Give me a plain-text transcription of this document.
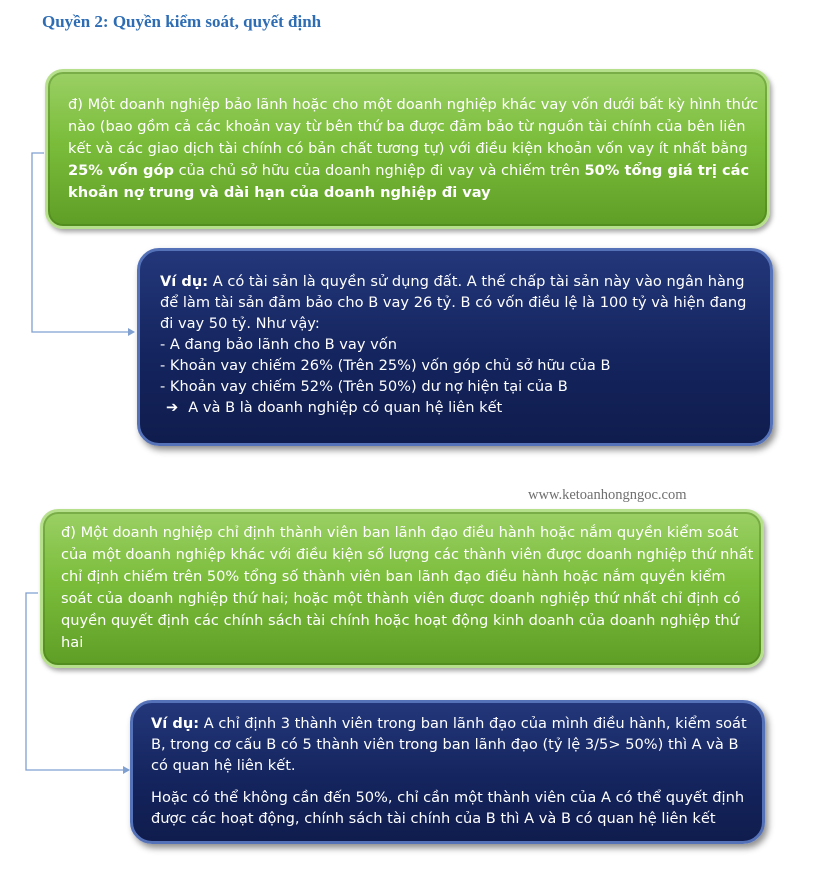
Quyền 2: Quyền kiểm soát, quyết định
đ) Một doanh nghiệp bảo lãnh hoặc cho một doanh nghiệp khác vay vốn dưới bất kỳ hình thức
nào (bao gồm cả các khoản vay từ bên thứ ba được đảm bảo từ nguồn tài chính của bên liên
kết và các giao dịch tài chính có bản chất tương tự) với điều kiện khoản vốn vay ít nhất bằng
25% vốn góp của chủ sở hữu của doanh nghiệp đi vay và chiếm trên 50% tổng giá trị các
khoản nợ trung và dài hạn của doanh nghiệp đi vay
Ví dụ: A có tài sản là quyền sử dụng đất. A thế chấp tài sản này vào ngân hàng
để làm tài sản đảm bảo cho B vay 26 tỷ. B có vốn điều lệ là 100 tỷ và hiện đang
đi vay 50 tỷ. Như vậy:
- A đang bảo lãnh cho B vay vốn
- Khoản vay chiếm 26% (Trên 25%) vốn góp chủ sở hữu của B
- Khoản vay chiếm 52% (Trên 50%) dư nợ hiện tại của B
➔ A và B là doanh nghiệp có quan hệ liên kết
www.ketoanhongngoc.com
đ) Một doanh nghiệp chỉ định thành viên ban lãnh đạo điều hành hoặc nắm quyền kiểm soát
của một doanh nghiệp khác với điều kiện số lượng các thành viên được doanh nghiệp thứ nhất
chỉ định chiếm trên 50% tổng số thành viên ban lãnh đạo điều hành hoặc nắm quyền kiểm
soát của doanh nghiệp thứ hai; hoặc một thành viên được doanh nghiệp thứ nhất chỉ định có
quyền quyết định các chính sách tài chính hoặc hoạt động kinh doanh của doanh nghiệp thứ
hai
Ví dụ: A chỉ định 3 thành viên trong ban lãnh đạo của mình điều hành, kiểm soát
B, trong cơ cấu B có 5 thành viên trong ban lãnh đạo (tỷ lệ 3/5> 50%) thì A và B
có quan hệ liên kết.
Hoặc có thể không cần đến 50%, chỉ cần một thành viên của A có thể quyết định
được các hoạt động, chính sách tài chính của B thì A và B có quan hệ liên kết
